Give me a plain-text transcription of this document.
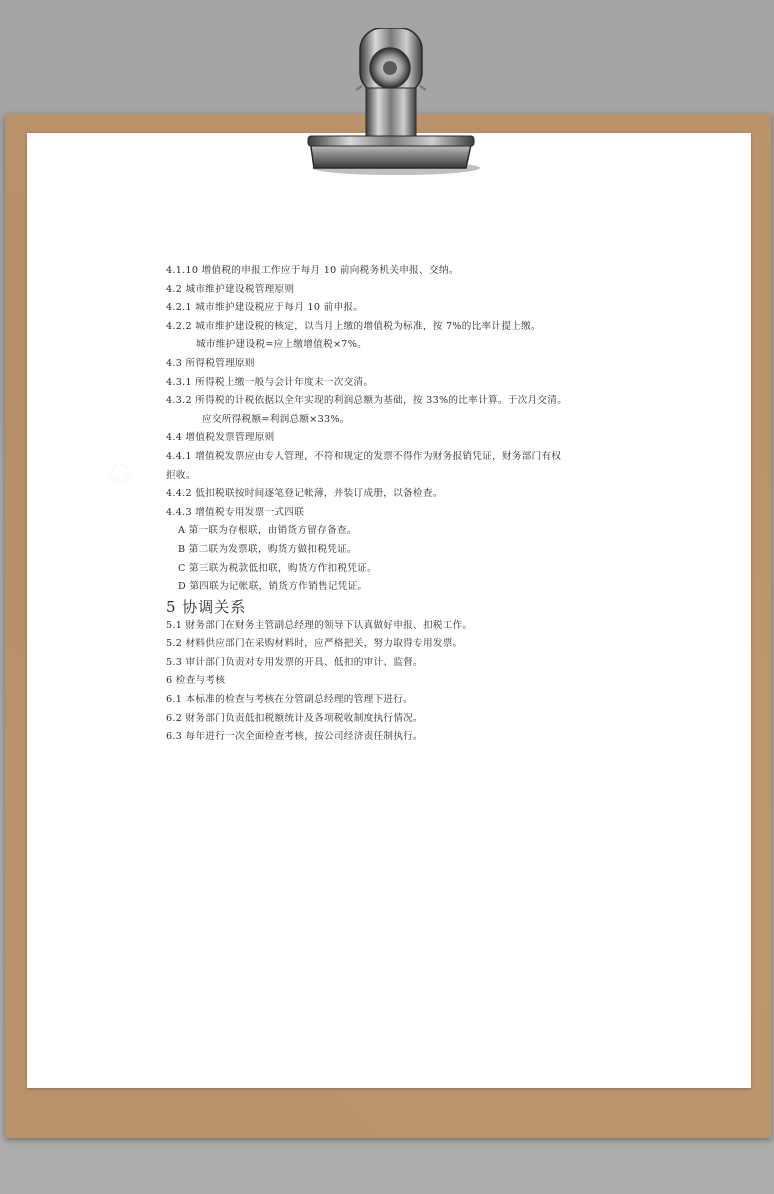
4.1.10 增值税的申报工作应于每月 10 前向税务机关申报、交纳。
4.2 城市维护建设税管理原则
4.2.1 城市维护建设税应于每月 10 前申报。
4.2.2 城市维护建设税的核定，以当月上缴的增值税为标准，按 7%的比率计提上缴。
城市维护建设税=应上缴增值税×7%。
4.3 所得税管理原则
4.3.1 所得税上缴一般与会计年度末一次交清。
4.3.2 所得税的计税依据以全年实现的利润总额为基础，按 33%的比率计算。于次月交清。
应交所得税额=利润总额×33%。
4.4 增值税发票管理原则
4.4.1 增值税发票应由专人管理，不符和规定的发票不得作为财务报销凭证，财务部门有权
拒收。
4.4.2 低扣税联按时间逐笔登记帐薄，并装订成册，以备检查。
4.4.3 增值税专用发票一式四联
A 第一联为存根联，由销货方留存备查。
B 第二联为发票联，购货方做扣税凭证。
C 第三联为税款低扣联，购货方作扣税凭证。
D 第四联为记帐联，销货方作销售记凭证。
5 协调关系
5.1 财务部门在财务主管副总经理的领导下认真做好申报、扣税工作。
5.2 材料供应部门在采购材料时，应严格把关，努力取得专用发票。
5.3 审计部门负责对专用发票的开具、低扣的审计、监督。
6 检查与考核
6.1 本标准的检查与考核在分管副总经理的管理下进行。
6.2 财务部门负责低扣税额统计及各项税收制度执行情况。
6.3 每年进行一次全面检查考核，按公司经济责任制执行。
